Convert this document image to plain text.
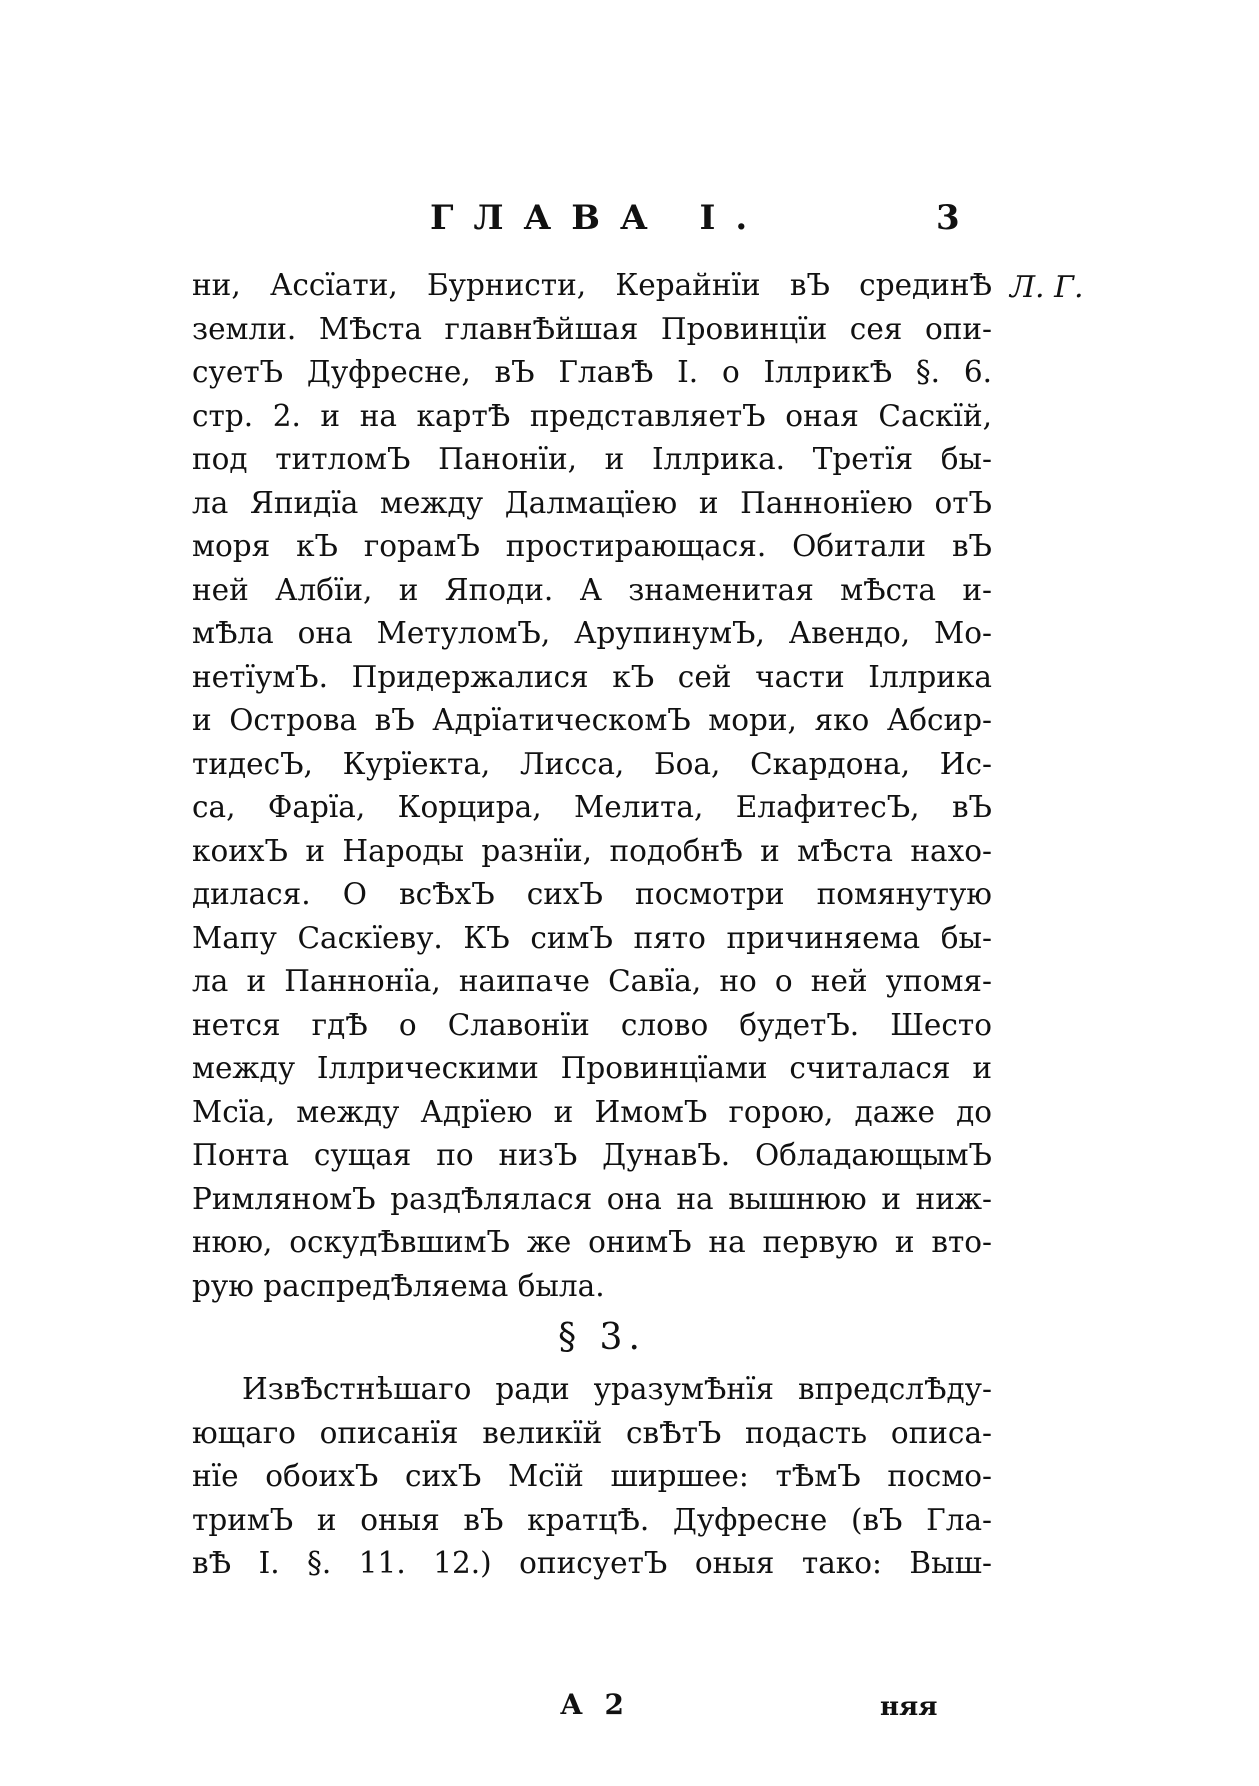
ГЛАВА I.	3
Л. Г.
ни, Ассїати, Бурнисти, Керайнїи вЪ срединѢ
земли. МѢста главнѢйшая Провинцїи сея опи-
суетЪ Дуфресне, вЪ ГлавѢ I. о ІллрикѢ §. 6.
стр. 2. и на картѢ представляетЪ оная Саскїй,
под титломЪ Панонїи, и Іллрика. Третїя бы-
ла Япидїа между Далмацїею и Паннонїею отЪ
моря кЪ горамЪ простирающася. Обитали вЪ
ней Албїи, и Яподи. А знаменитая мѢста и-
мѢла она МетуломЪ, АрупинумЪ, Авендо, Мо-
нетїумЪ. Придержалися кЪ сей части Іллрика
и Острова вЪ АдрїатическомЪ мори, яко Абсир-
тидесЪ, Курїекта, Лисса, Боа, Скардона, Ис-
са, Фарїа, Корцира, Мелита, ЕлафитесЪ, вЪ
коихЪ и Народы разнїи, подобнѢ и мѢста нахо-
дилася. О всѢхЪ сихЪ посмотри помянутую
Мапу Саскїеву. КЪ симЪ пято причиняема бы-
ла и Паннонїа, наипаче Савїа, но о ней упомя-
нется гдѢ о Славонїи слово будетЪ. Шесто
между Іллрическими Провинцїами считалася и
Мсїа, между Адрїею и ИмомЪ горою, даже до
Понта сущая по низЪ ДунавЪ. ОбладающымЪ
РимляномЪ раздѢлялася она на вышнюю и ниж-
нюю, оскудѢвшимЪ же онимЪ на первую и вто-
рую распредѢляема была.
§ 3.
ИзвѢстнѣшаго ради уразумѢнїя впредслѢду-
ющаго описанїя великїй свѢтЪ подасть описа-
нїе обоихЪ сихЪ Мсїй ширшее: тѢмЪ посмо-
тримЪ и оныя вЪ кратцѢ. Дуфресне (вЪ Гла-
вѢ I. §. 11. 12.) описуетЪ оныя тако: Выш-
А 2	няя
